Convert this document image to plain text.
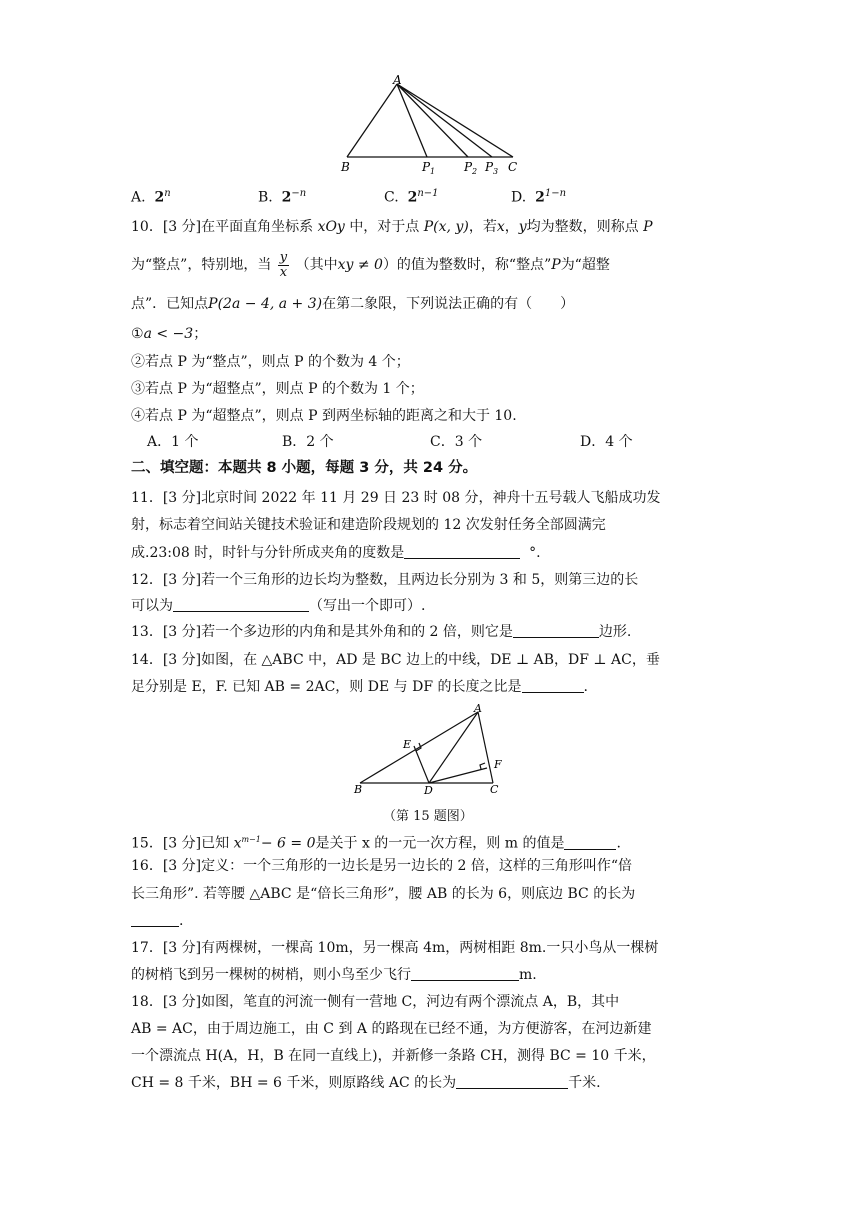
A
B	P 1 P 2 P 3 C
A. 2$^n$	B. $2^{-n}$	C. $2^{n-1}$	D. $2^{1-n}$
10．[3 分]在平面直角坐标系 xOy 中，对于点 P(x, y)，若x，y均为整数，则称点 P
为“整点”，特别地，当 $\frac{y}{x}$ （其中xy ≠ 0）的值为整数时，称“整点”P为“超整
点”．已知点P(2a − 4, a + 3)在第二象限，下列说法正确的有（　　）
①a < −3；
②若点 P 为“整点”，则点 P 的个数为 4 个；
③若点 P 为“超整点”，则点 P 的个数为 1 个；
④若点 P 为“超整点”，则点 P 到两坐标轴的距离之和大于 10.
A．1 个	B．2 个	C．3 个	D．4 个
二、填空题：本题共 8 小题，每题 3 分，共 24 分。
11．[3 分]北京时间 2022 年 11 月 29 日 23 时 08 分，神舟十五号载人飞船成功发
射，标志着空间站关键技术验证和建造阶段规划的 12 次发射任务全部圆满完
成.23:08 时，时针与分针所成夹角的度数是	°.
12．[3 分]若一个三角形的边长均为整数，且两边长分别为 3 和 5，则第三边的长
可以为	（写出一个即可）.
13．[3 分]若一个多边形的内角和是其外角和的 2 倍，则它是	边形.
14．[3 分]如图，在 △ABC 中，AD 是 BC 边上的中线，DE ⊥ AB，DF ⊥ AC，垂
足分别是 E，F. 已知 AB = 2AC，则 DE 与 DF 的长度之比是	.
A
B	C
D
E
F
（第 15 题图）
15．[3 分]已知 $x^{m-1}- 6 = 0$是关于 x 的一元一次方程，则 m 的值是	.
16．[3 分]定义：一个三角形的一边长是另一边长的 2 倍，这样的三角形叫作“倍
长三角形”. 若等腰 △ABC 是“倍长三角形”，腰 AB 的长为 6，则底边 BC 的长为
.
17．[3 分]有两棵树，一棵高 10m，另一棵高 4m，两树相距 8m.一只小鸟从一棵树
的树梢飞到另一棵树的树梢，则小鸟至少飞行	m.
18．[3 分]如图，笔直的河流一侧有一营地 C，河边有两个漂流点 A，B，其中
AB = AC，由于周边施工，由 C 到 A 的路现在已经不通，为方便游客，在河边新建
一个漂流点 H(A，H，B 在同一直线上)，并新修一条路 CH，测得 BC = 10 千米，
CH = 8 千米，BH = 6 千米，则原路线 AC 的长为	千米.
